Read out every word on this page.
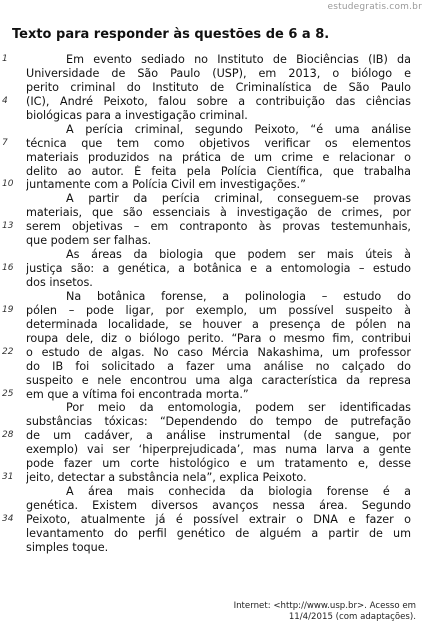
estudegratis.com.br
Texto para responder às questões de 6 a 8.
1	Em evento sediado no Instituto de Biociências (IB) da
Universidade de São Paulo (USP), em 2013, o biólogo e
perito criminal do Instituto de Criminalística de São Paulo
4	(IC), André Peixoto, falou sobre a contribuição das ciências
biológicas para a investigação criminal.
A perícia criminal, segundo Peixoto, “é uma análise
7	técnica que tem como objetivos verificar os elementos
materiais produzidos na prática de um crime e relacionar o
delito ao autor. É feita pela Polícia Científica, que trabalha
10 juntamente com a Polícia Civil em investigações.”
A partir da perícia criminal, conseguem-se provas
materiais, que são essenciais à investigação de crimes, por
13 serem objetivas – em contraponto às provas testemunhais,
que podem ser falhas.
As áreas da biologia que podem ser mais úteis à
16 justiça são: a genética, a botânica e a entomologia – estudo
dos insetos.
Na botânica forense, a polinologia – estudo do
19 pólen – pode ligar, por exemplo, um possível suspeito à
determinada localidade, se houver a presença de pólen na
roupa dele, diz o biólogo perito. “Para o mesmo fim, contribui
22 o estudo de algas. No caso Mércia Nakashima, um professor
do IB foi solicitado a fazer uma análise no calçado do
suspeito e nele encontrou uma alga característica da represa
25 em que a vítima foi encontrada morta.”
Por meio da entomologia, podem ser identificadas
substâncias tóxicas: “Dependendo do tempo de putrefação
28 de um cadáver, a análise instrumental (de sangue, por
exemplo) vai ser ‘hiperprejudicada’, mas numa larva a gente
pode fazer um corte histológico e um tratamento e, desse
31 jeito, detectar a substância nela”, explica Peixoto.
A área mais conhecida da biologia forense é a
genética. Existem diversos avanços nessa área. Segundo
34 Peixoto, atualmente já é possível extrair o DNA e fazer o
levantamento do perfil genético de alguém a partir de um
simples toque.
Internet: <http://www.usp.br>. Acesso em
11/4/2015 (com adaptações).
